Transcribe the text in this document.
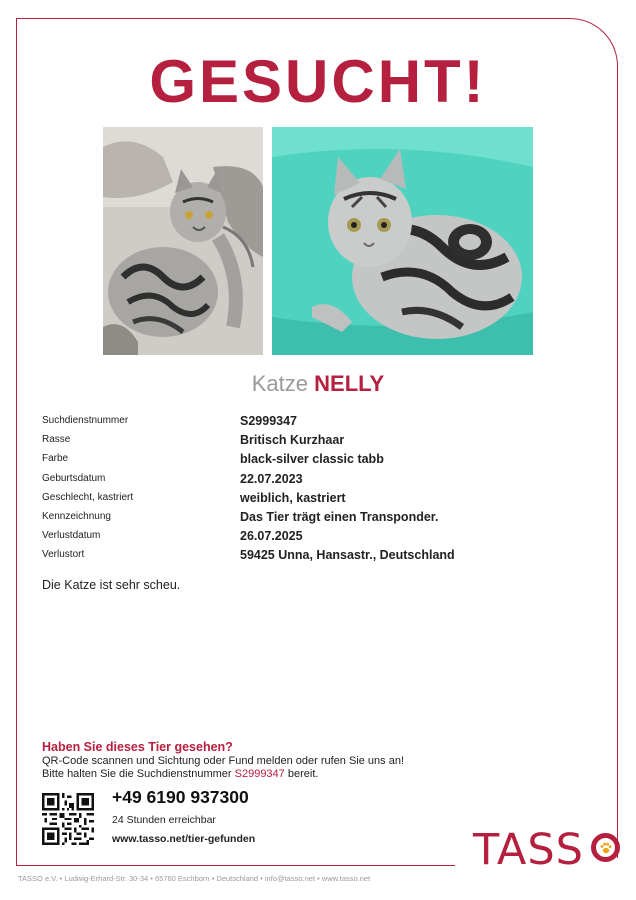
GESUCHT!
Katze NELLY
Suchdienstnummer	S2999347
Rasse	Britisch Kurzhaar
Farbe	black-silver classic tabb
Geburtsdatum	22.07.2023
Geschlecht, kastriert	weiblich, kastriert
Kennzeichnung	Das Tier trägt einen Transponder.
Verlustdatum	26.07.2025
Verlustort	59425 Unna, Hansastr., Deutschland
Die Katze ist sehr scheu.
Haben Sie dieses Tier gesehen?
QR-Code scannen und Sichtung oder Fund melden oder rufen Sie uns an!
Bitte halten Sie die Suchdienstnummer S2999347 bereit.
+49 6190 937300
24 Stunden erreichbar
www.tasso.net/tier-gefunden	TASS
TASSO e.V. • Ludwig-Erhard-Str. 30-34 • 65760 Eschborn • Deutschland • info@tasso.net • www.tasso.net
